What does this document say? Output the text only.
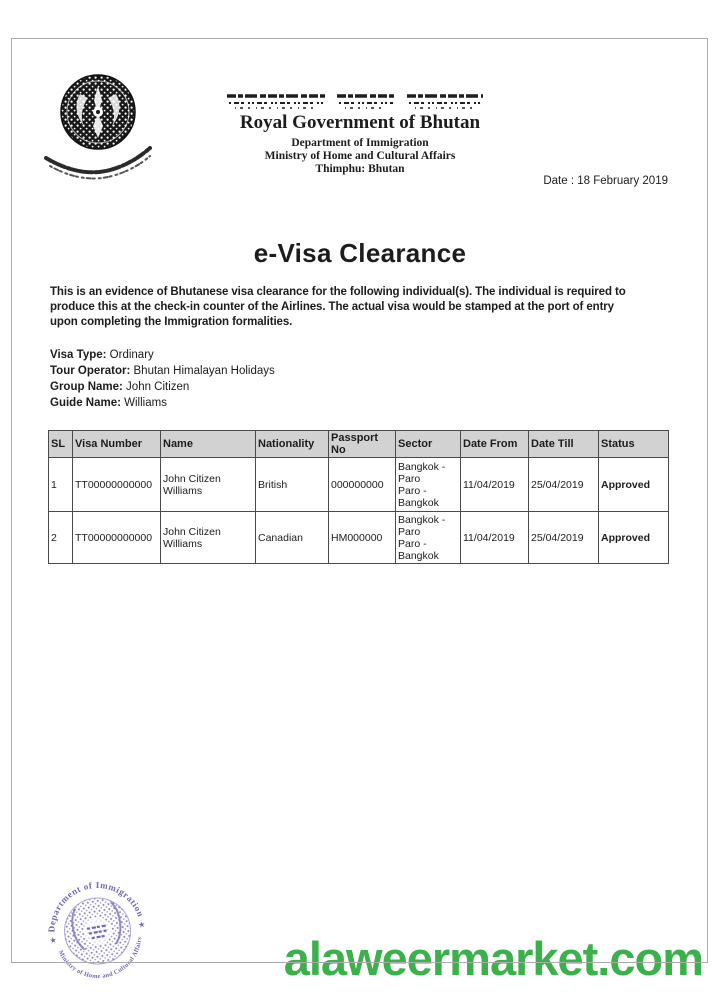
Royal Government of Bhutan
Department of Immigration
Ministry of Home and Cultural Affairs
Thimphu: Bhutan
Date : 18 February 2019
e-Visa Clearance
This is an evidence of Bhutanese visa clearance for the following individual(s). The individual is required to
produce this at the check-in counter of the Airlines. The actual visa would be stamped at the port of entry
upon completing the Immigration formalities.
Visa Type: Ordinary
Tour Operator: Bhutan Himalayan Holidays
Group Name: John Citizen
Guide Name: Williams
SL	Visa Number	Name	Nationality	Passport No	Sector	Date From	Date Till	Status
1	TT00000000000	John Citizen Williams	British	000000000	Bangkok -
Paro
Paro -
Bangkok	11/04/2019	25/04/2019	Approved
2	TT00000000000	John Citizen Williams	Canadian	HM000000	Bangkok -
Paro
Paro -
Bangkok	11/04/2019	25/04/2019	Approved
Department of Immigration
Ministry of Home and Cultural Affairs
★
★
alaweermarket.com
